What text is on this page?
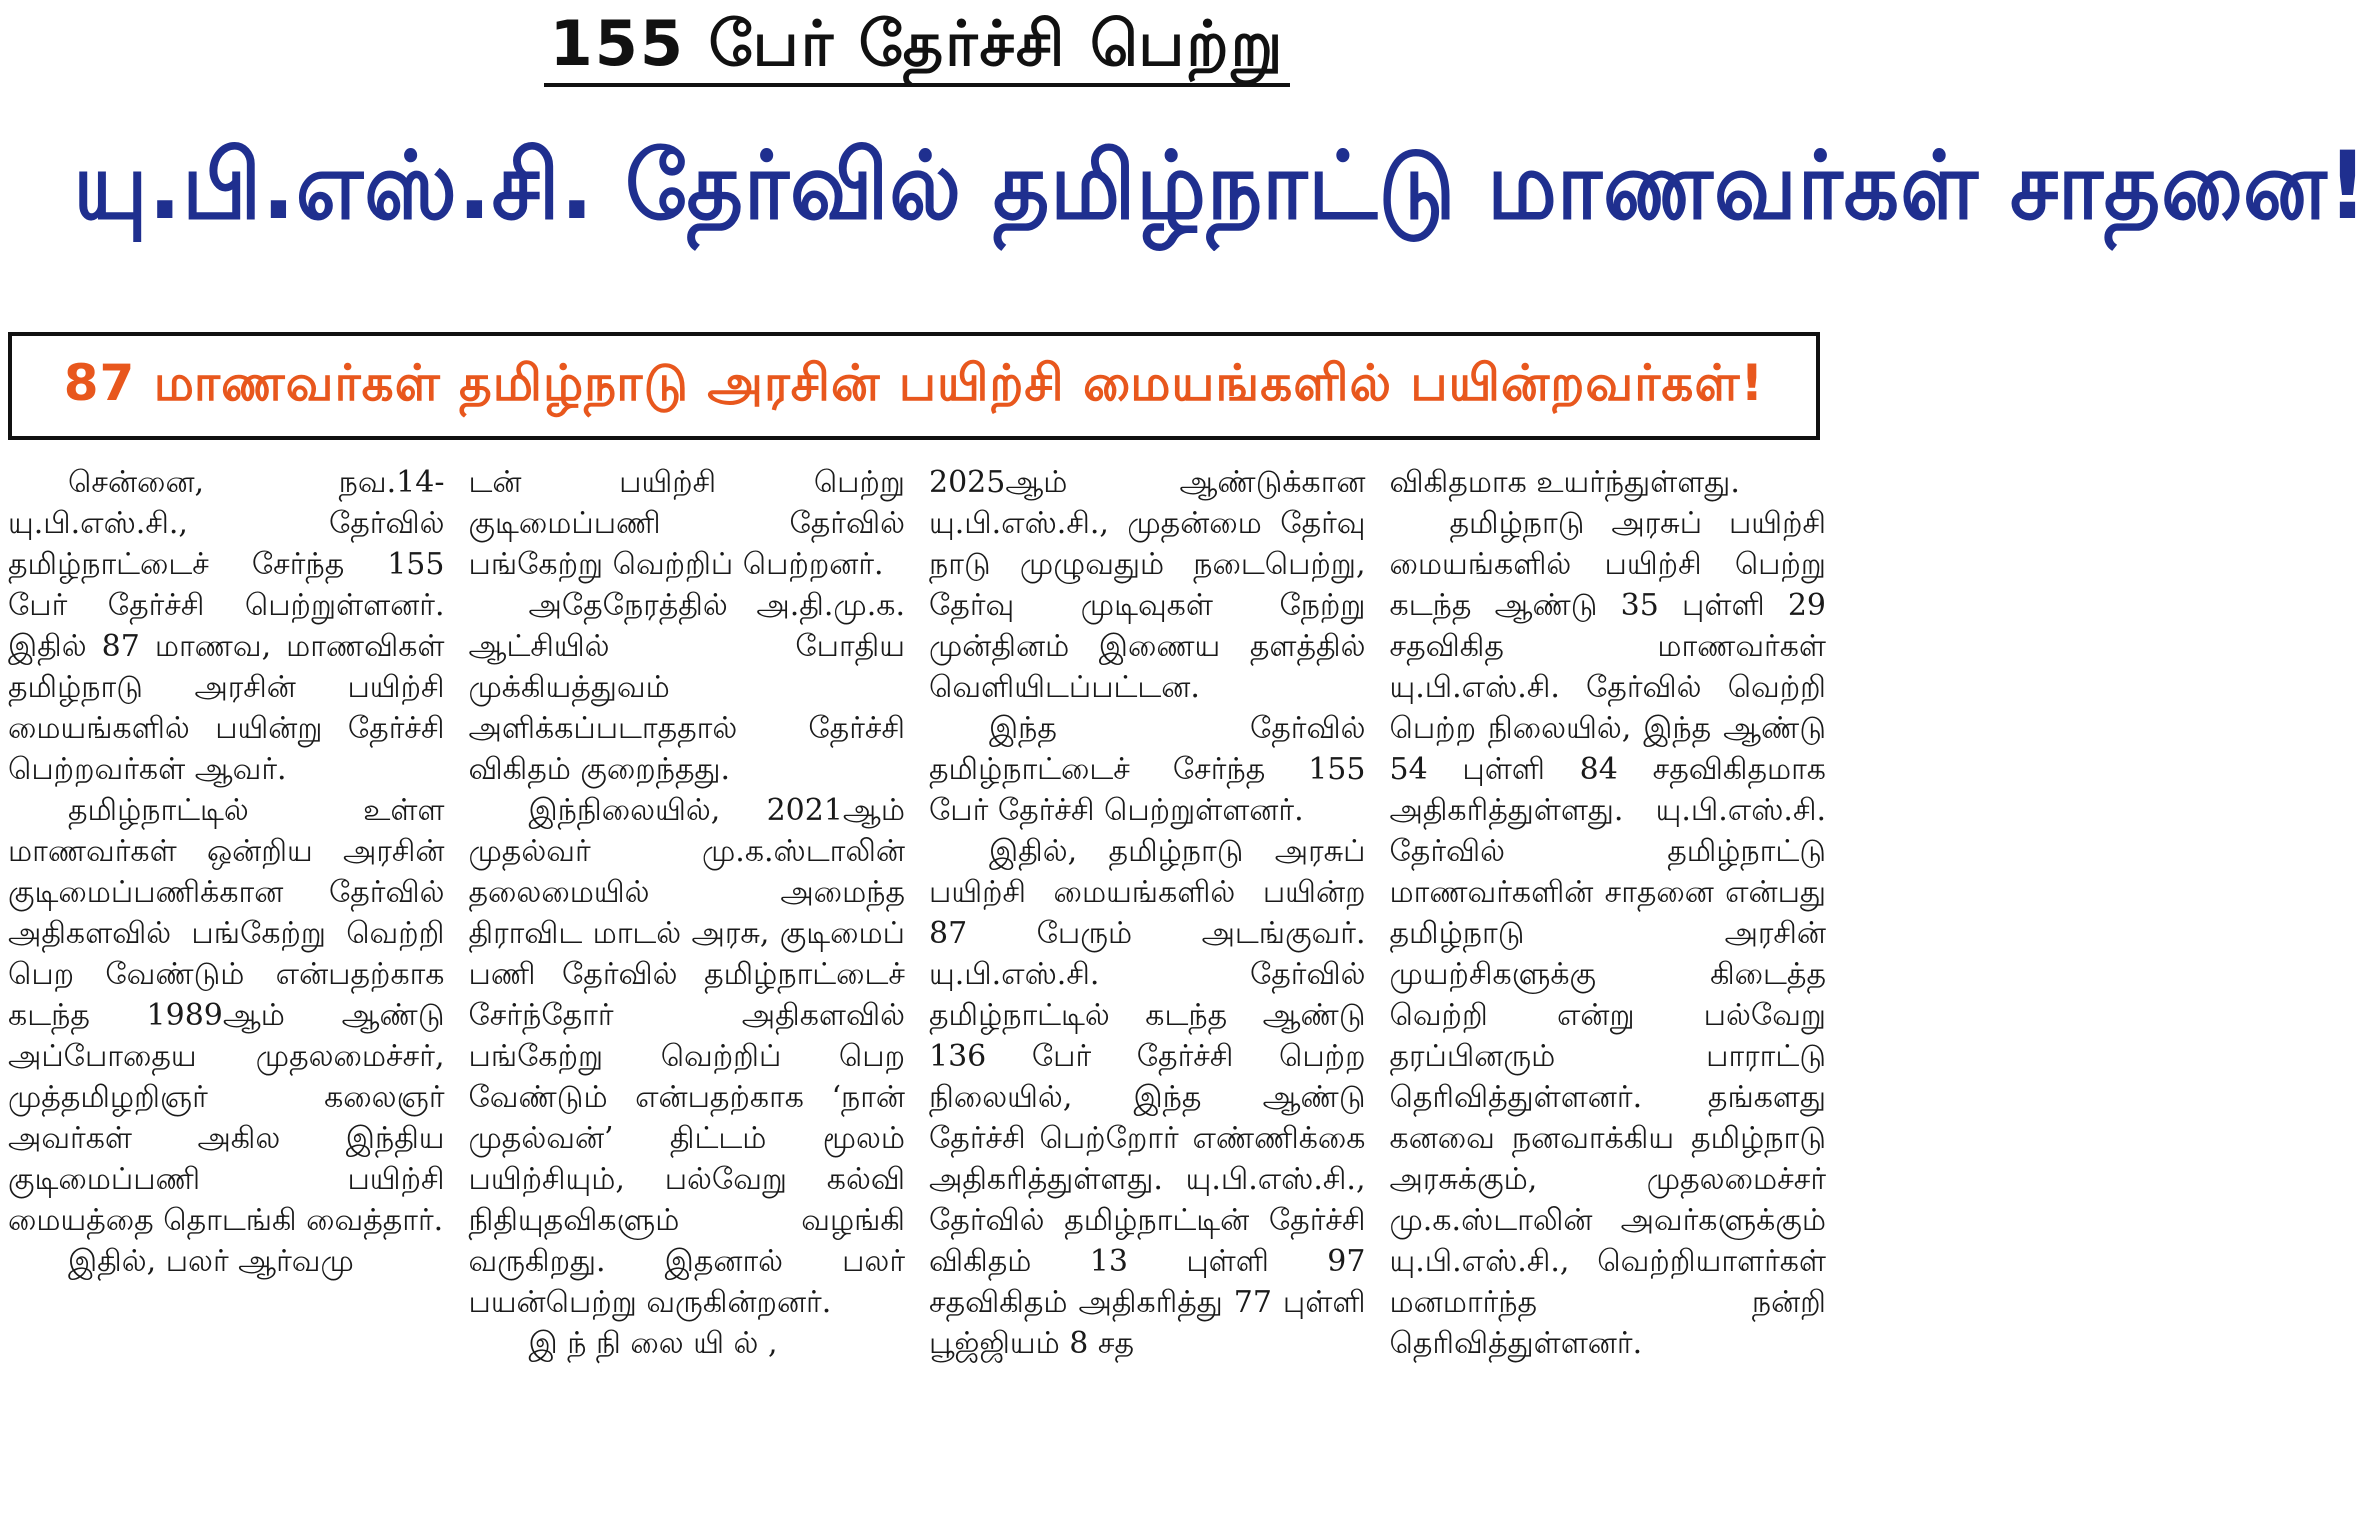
155 பேர் தேர்ச்சி பெற்று
யு.பி.எஸ்.சி. தேர்வில் தமிழ்நாட்டு மாணவர்கள் சாதனை!
87 மாணவர்கள் தமிழ்நாடு அரசின் பயிற்சி மையங்களில் பயின்றவர்கள்!

சென்னை, நவ.14-யு.பி.எஸ்.சி., தேர்வில் தமிழ்நாட்டைச் சேர்ந்த 155 பேர் தேர்ச்சி பெற்றுள்ளனர். இதில் 87 மாணவ, மாணவிகள் தமிழ்நாடு அரசின் பயிற்சி மையங்களில் பயின்று தேர்ச்சி பெற்றவர்கள் ஆவர்.

தமிழ்நாட்டில் உள்ள மாணவர்கள் ஒன்றிய அரசின் குடிமைப்பணிக்கான தேர்வில் அதிகளவில் பங்கேற்று வெற்றி பெற வேண்டும் என்பதற்காக கடந்த 1989ஆம் ஆண்டு அப்போதைய முதலமைச்சர், முத்தமிழறிஞர் கலைஞர் அவர்கள் அகில இந்திய குடிமைப்பணி பயிற்சி மையத்தை தொடங்கி வைத்தார்.

இதில், பலர் ஆர்வமு

டன் பயிற்சி பெற்று குடிமைப்பணி தேர்வில் பங்கேற்று வெற்றிப் பெற்றனர்.

அதேநேரத்தில் அ.தி.மு.க. ஆட்சியில் போதிய முக்கியத்துவம் அளிக்கப்படாததால் தேர்ச்சி விகிதம் குறைந்தது.

இந்நிலையில், 2021ஆம் முதல்வர் மு.க.ஸ்டாலின் தலைமையில் அமைந்த திராவிட மாடல் அரசு, குடிமைப் பணி தேர்வில் தமிழ்நாட்டைச் சேர்ந்தோர் அதிகளவில் பங்கேற்று வெற்றிப் பெற வேண்டும் என்பதற்காக ‘நான் முதல்வன்’ திட்டம் மூலம் பயிற்சியும், பல்வேறு கல்வி நிதியுதவிகளும் வழங்கி வருகிறது. இதனால் பலர் பயன்பெற்று வருகின்றனர்.

இ ந் நி லை யி ல் ,

2025ஆம் ஆண்டுக்கான யு.பி.எஸ்.சி., முதன்மை தேர்வு நாடு முழுவதும் நடைபெற்று, தேர்வு முடிவுகள் நேற்று முன்தினம் இணைய தளத்தில் வெளியிடப்பட்டன.

இந்த தேர்வில் தமிழ்நாட்டைச் சேர்ந்த 155 பேர் தேர்ச்சி பெற்றுள்ளனர்.

இதில், தமிழ்நாடு அரசுப் பயிற்சி மையங்களில் பயின்ற 87 பேரும் அடங்குவர். யு.பி.எஸ்.சி. தேர்வில் தமிழ்நாட்டில் கடந்த ஆண்டு 136 பேர் தேர்ச்சி பெற்ற நிலையில், இந்த ஆண்டு தேர்ச்சி பெற்றோர் எண்ணிக்கை அதிகரித்துள்ளது. யு.பி.எஸ்.சி., தேர்வில் தமிழ்நாட்டின் தேர்ச்சி விகிதம் 13 புள்ளி 97 சதவிகிதம் அதிகரித்து 77 புள்ளி பூஜ்ஜியம் 8 சத

விகிதமாக உயர்ந்துள்ளது.

தமிழ்நாடு அரசுப் பயிற்சி மையங்களில் பயிற்சி பெற்று கடந்த ஆண்டு 35 புள்ளி 29 சதவிகித மாணவர்கள் யு.பி.எஸ்.சி. தேர்வில் வெற்றி பெற்ற நிலையில், இந்த ஆண்டு 54 புள்ளி 84 சதவிகிதமாக அதிகரித்துள்ளது. யு.பி.எஸ்.சி. தேர்வில் தமிழ்நாட்டு மாணவர்களின் சாதனை என்பது தமிழ்நாடு அரசின் முயற்சிகளுக்கு கிடைத்த வெற்றி என்று பல்வேறு தரப்பினரும் பாராட்டு தெரிவித்துள்ளனர். தங்களது கனவை நனவாக்கிய தமிழ்நாடு அரசுக்கும், முதலமைச்சர் மு.க.ஸ்டாலின் அவர்களுக்கும் யு.பி.எஸ்.சி., வெற்றியாளர்கள் மனமார்ந்த நன்றி தெரிவித்துள்ளனர்.
